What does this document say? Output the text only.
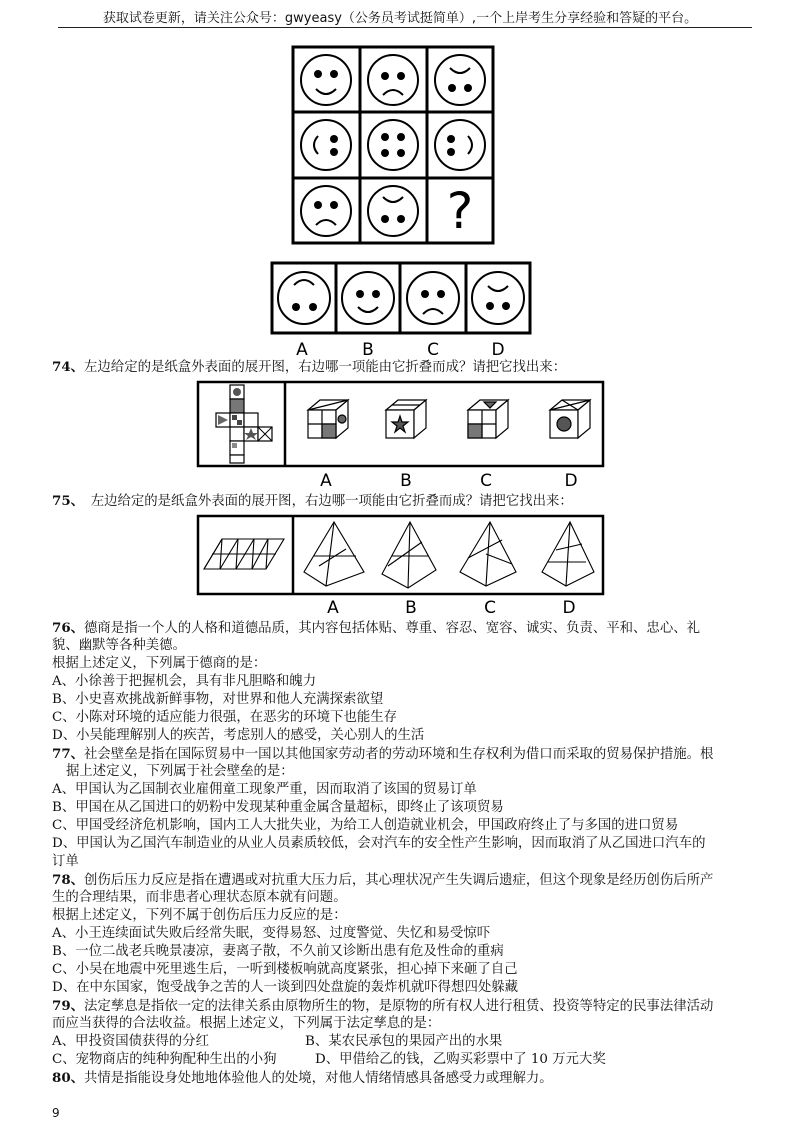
获取试卷更新，请关注公众号：gwyeasy（公务员考试挺简单）,一个上岸考生分享经验和答疑的平台。
?
A	B	C	D
74、左边给定的是纸盒外表面的展开图，右边哪一项能由它折叠而成？请把它找出来：
A	B	C	D
75、　左边给定的是纸盒外表面的展开图，右边哪一项能由它折叠而成？请把它找出来：
A	B	C	D
76、德商是指一个人的人格和道德品质，其内容包括体贴、尊重、容忍、宽容、诚实、负责、平和、忠心、礼
貌、幽默等各种美德。
根据上述定义，下列属于德商的是：
A、小徐善于把握机会，具有非凡胆略和魄力
B、小史喜欢挑战新鲜事物，对世界和他人充满探索欲望
C、小陈对环境的适应能力很强，在恶劣的环境下也能生存
D、小吴能理解别人的疾苦，考虑别人的感受，关心别人的生活
77、社会壁垒是指在国际贸易中一国以其他国家劳动者的劳动环境和生存权利为借口而采取的贸易保护措施。根
据上述定义，下列属于社会壁垒的是：
A、甲国认为乙国制衣业雇佣童工现象严重，因而取消了该国的贸易订单
B、甲国在从乙国进口的奶粉中发现某种重金属含量超标，即终止了该项贸易
C、甲国受经济危机影响，国内工人大批失业，为给工人创造就业机会，甲国政府终止了与多国的进口贸易
D、甲国认为乙国汽车制造业的从业人员素质较低，会对汽车的安全性产生影响，因而取消了从乙国进口汽车的
订单
78、创伤后压力反应是指在遭遇或对抗重大压力后，其心理状况产生失调后遗症，但这个现象是经历创伤后所产
生的合理结果，而非患者心理状态原本就有问题。
根据上述定义，下列不属于创伤后压力反应的是：
A、小王连续面试失败后经常失眠，变得易怒、过度警觉、失忆和易受惊吓
B、一位二战老兵晚景凄凉，妻离子散，不久前又诊断出患有危及性命的重病
C、小吴在地震中死里逃生后，一听到楼板响就高度紧张，担心掉下来砸了自己
D、在中东国家，饱受战争之苦的人一谈到四处盘旋的轰炸机就吓得想四处躲藏
79、法定孳息是指依一定的法律关系由原物所生的物，是原物的所有权人进行租赁、投资等特定的民事法律活动
而应当获得的合法收益。根据上述定义，下列属于法定孳息的是：
A、甲投资国债获得的分红	B、某农民承包的果园产出的水果
C、宠物商店的纯种狗配种生出的小狗	D、甲借给乙的钱，乙购买彩票中了 10 万元大奖
80、共情是指能设身处地地体验他人的处境，对他人情绪情感具备感受力或理解力。
9
